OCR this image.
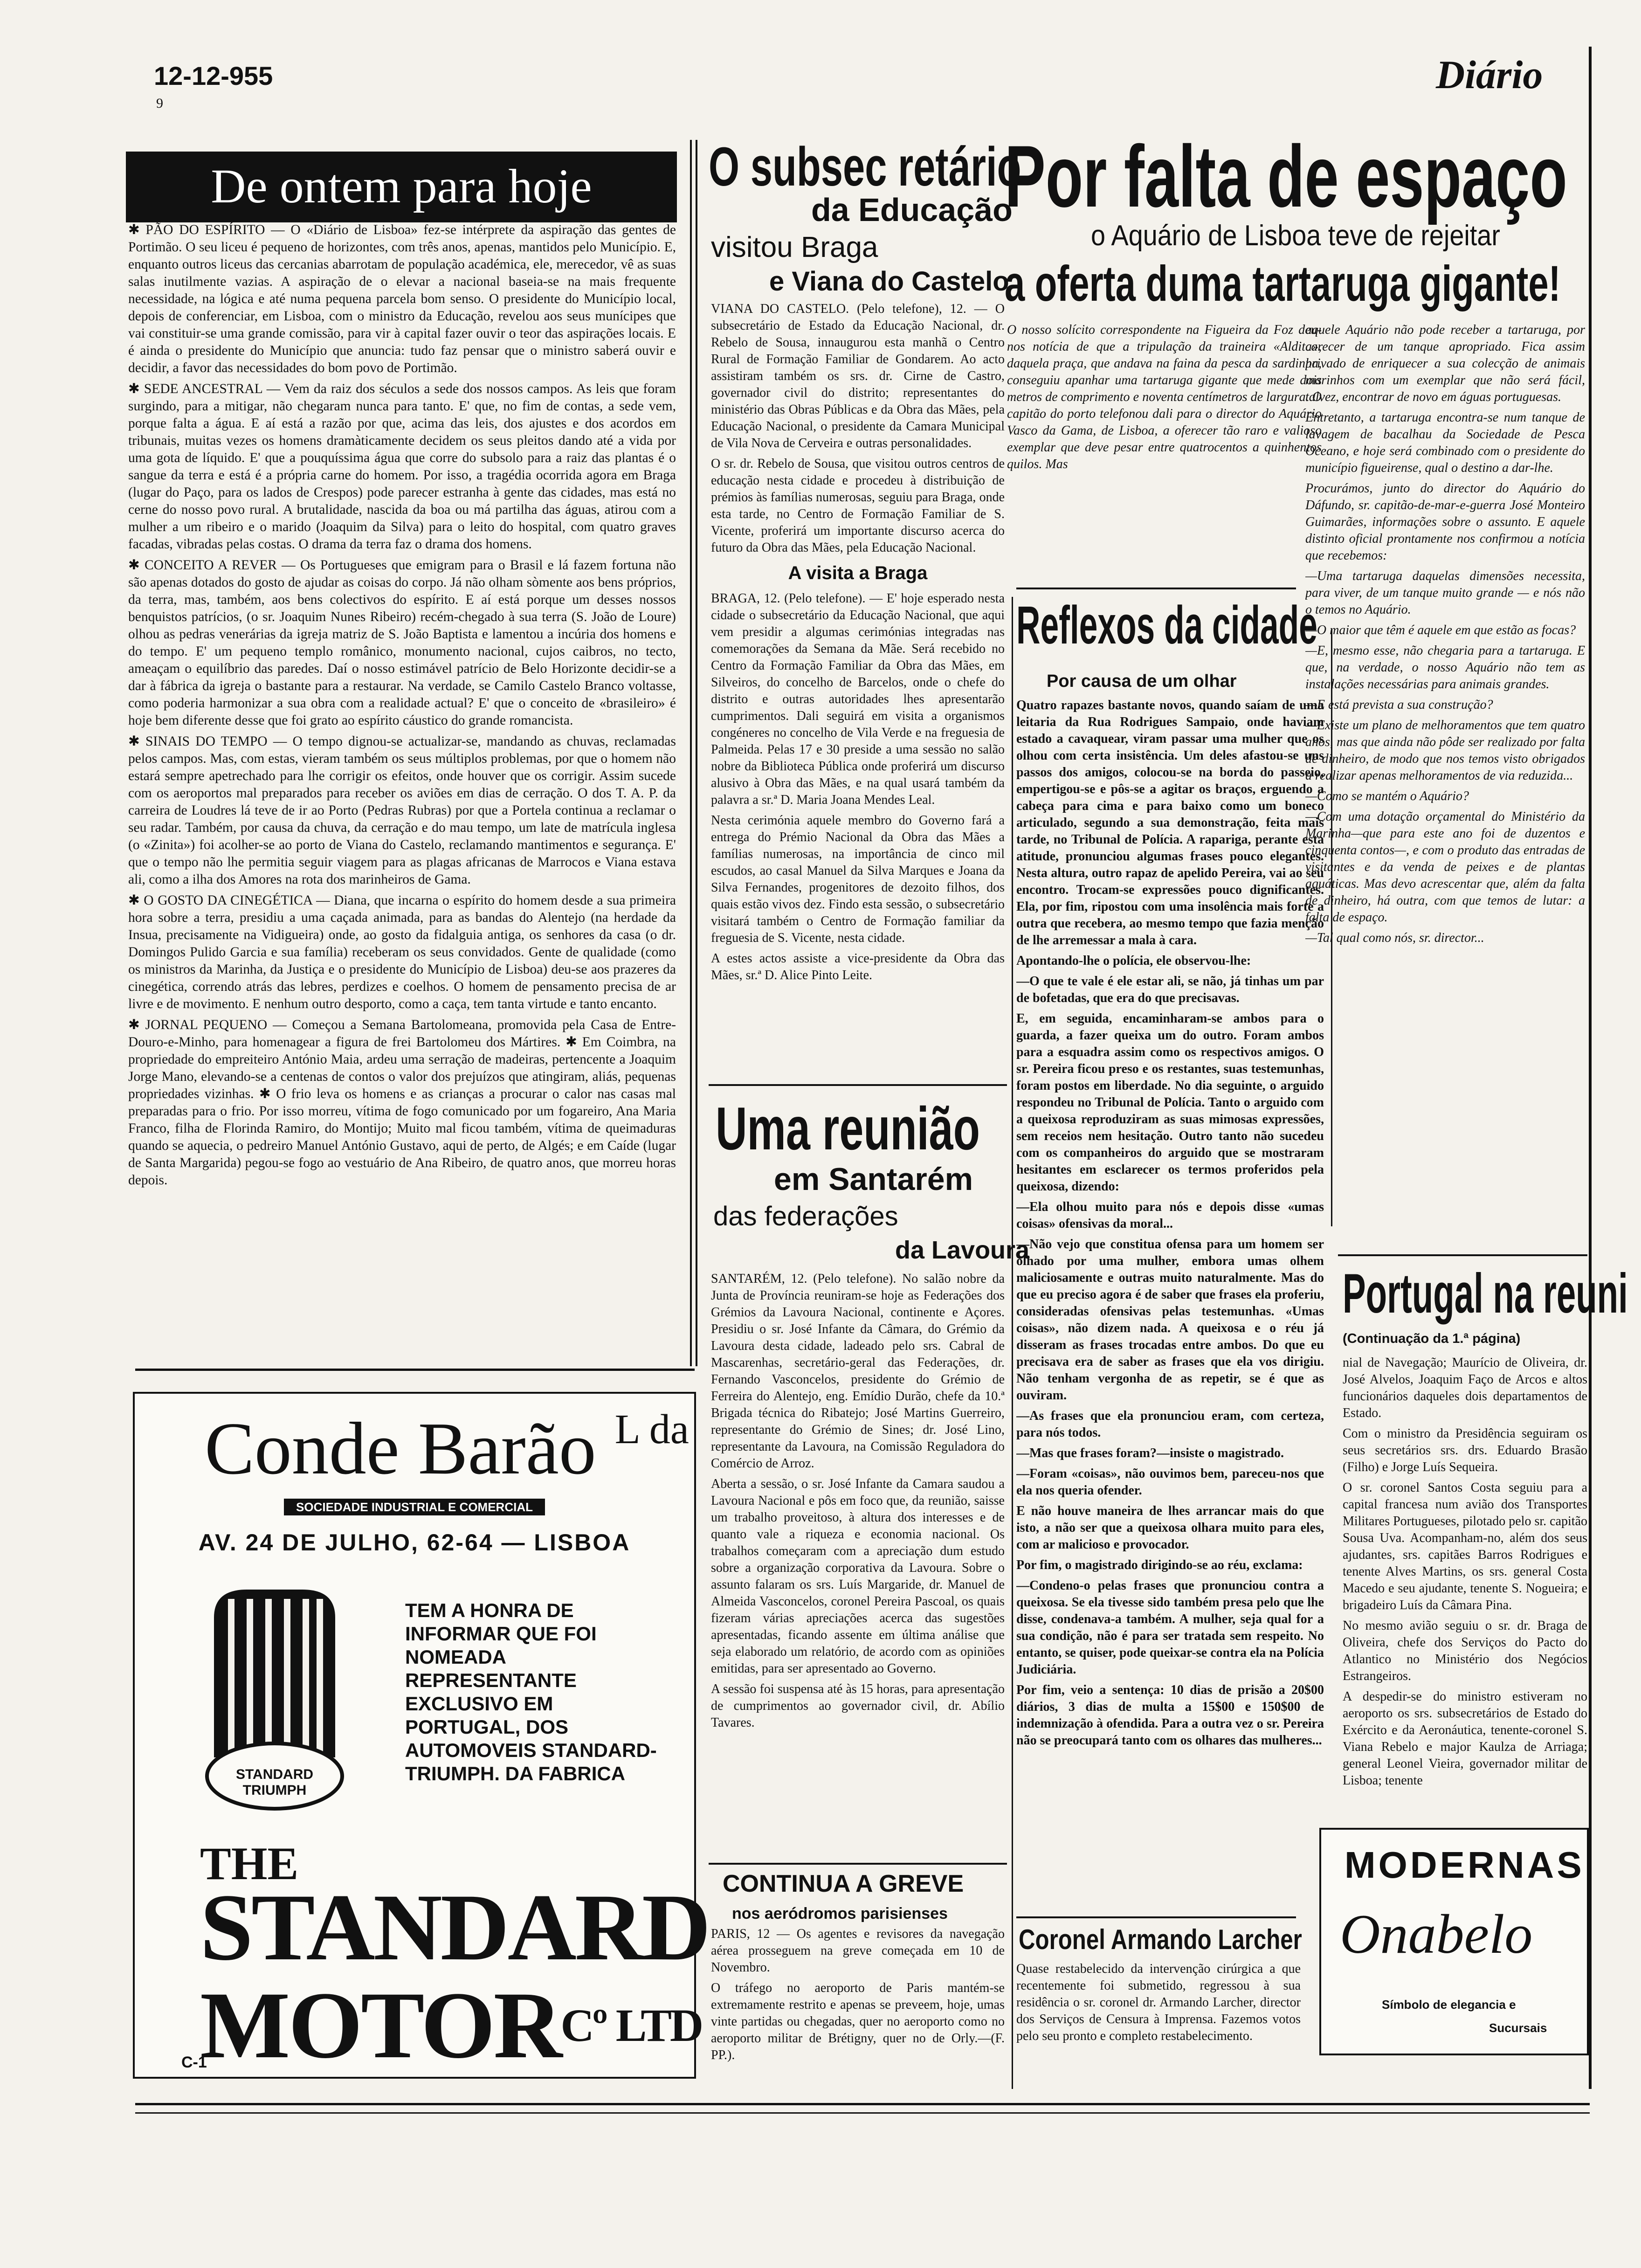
12-12-955
9
Diário
De ontem para hoje

✱ PÃO DO ESPÍRITO — O «Diário de Lisboa» fez-se intérprete da aspiração das gentes de Portimão. O seu liceu é pequeno de horizontes, com três anos, apenas, mantidos pelo Município. E, enquanto outros liceus das cercanias abarrotam de população académica, ele, merecedor, vê as suas salas inutilmente vazias. A aspiração de o elevar a nacional baseia-se na mais frequente necessidade, na lógica e até numa pequena parcela bom senso. O presidente do Município local, depois de conferenciar, em Lisboa, com o ministro da Educação, revelou aos seus munícipes que vai constituir-se uma grande comissão, para vir à capital fazer ouvir o teor das aspirações locais. E é ainda o presidente do Município que anuncia: tudo faz pensar que o ministro saberá ouvir e decidir, a favor das necessidades do bom povo de Portimão.

✱ SEDE ANCESTRAL — Vem da raiz dos séculos a sede dos nossos campos. As leis que foram surgindo, para a mitigar, não chegaram nunca para tanto. E' que, no fim de contas, a sede vem, porque falta a água. E aí está a razão por que, acima das leis, dos ajustes e dos acordos em tribunais, muitas vezes os homens dramàticamente decidem os seus pleitos dando até a vida por uma gota de líquido. E' que a pouquíssima água que corre do subsolo para a raiz das plantas é o sangue da terra e está é a própria carne do homem. Por isso, a tragédia ocorrida agora em Braga (lugar do Paço, para os lados de Crespos) pode parecer estranha à gente das cidades, mas está no cerne do nosso povo rural. A brutalidade, nascida da boa ou má partilha das águas, atirou com a mulher a um ribeiro e o marido (Joaquim da Silva) para o leito do hospital, com quatro graves facadas, vibradas pelas costas. O drama da terra faz o drama dos homens.

✱ CONCEITO A REVER — Os Portugueses que emigram para o Brasil e lá fazem fortuna não são apenas dotados do gosto de ajudar as coisas do corpo. Já não olham sòmente aos bens próprios, da terra, mas, também, aos bens colectivos do espírito. E aí está porque um desses nossos benquistos patrícios, (o sr. Joaquim Nunes Ribeiro) recém-chegado à sua terra (S. João de Loure) olhou as pedras venerárias da igreja matriz de S. João Baptista e lamentou a incúria dos homens e do tempo. E' um pequeno templo românico, monumento nacional, cujos caibros, no tecto, ameaçam o equilíbrio das paredes. Daí o nosso estimável patrício de Belo Horizonte decidir-se a dar à fábrica da igreja o bastante para a restaurar. Na verdade, se Camilo Castelo Branco voltasse, como poderia harmonizar a sua obra com a realidade actual? E' que o conceito de «brasileiro» é hoje bem diferente desse que foi grato ao espírito cáustico do grande romancista.

✱ SINAIS DO TEMPO — O tempo dignou-se actualizar-se, mandando as chuvas, reclamadas pelos campos. Mas, com estas, vieram também os seus múltiplos problemas, por que o homem não estará sempre apetrechado para lhe corrigir os efeitos, onde houver que os corrigir. Assim sucede com os aeroportos mal preparados para receber os aviões em dias de cerração. O dos T. A. P. da carreira de Loudres lá teve de ir ao Porto (Pedras Rubras) por que a Portela continua a reclamar o seu radar. Também, por causa da chuva, da cerração e do mau tempo, um late de matrícula inglesa (o «Zinita») foi acolher-se ao porto de Viana do Castelo, reclamando mantimentos e segurança. E' que o tempo não lhe permitia seguir viagem para as plagas africanas de Marrocos e Viana estava ali, como a ilha dos Amores na rota dos marinheiros de Gama.

✱ O GOSTO DA CINEGÉTICA — Diana, que incarna o espírito do homem desde a sua primeira hora sobre a terra, presidiu a uma caçada animada, para as bandas do Alentejo (na herdade da Insua, precisamente na Vidigueira) onde, ao gosto da fidalguia antiga, os senhores da casa (o dr. Domingos Pulido Garcia e sua família) receberam os seus convidados. Gente de qualidade (como os ministros da Marinha, da Justiça e o presidente do Município de Lisboa) deu-se aos prazeres da cinegética, correndo atrás das lebres, perdizes e coelhos. O homem de pensamento precisa de ar livre e de movimento. E nenhum outro desporto, como a caça, tem tanta virtude e tanto encanto.

✱ JORNAL PEQUENO — Começou a Semana Bartolomeana, promovida pela Casa de Entre-Douro-e-Minho, para homenagear a figura de frei Bartolomeu dos Mártires. ✱ Em Coimbra, na propriedade do empreiteiro António Maia, ardeu uma serração de madeiras, pertencente a Joaquim Jorge Mano, elevando-se a centenas de contos o valor dos prejuízos que atingiram, aliás, pequenas propriedades vizinhas. ✱ O frio leva os homens e as crianças a procurar o calor nas casas mal preparadas para o frio. Por isso morreu, vítima de fogo comunicado por um fogareiro, Ana Maria Franco, filha de Florinda Ramiro, do Montijo; Muito mal ficou também, vítima de queimaduras quando se aquecia, o pedreiro Manuel António Gustavo, aqui de perto, de Algés; e em Caíde (lugar de Santa Margarida) pegou-se fogo ao vestuário de Ana Ribeiro, de quatro anos, que morreu horas depois.

Conde Barão $^{L da}$
SOCIEDADE INDUSTRIAL E COMERCIAL
AV. 24 DE JULHO, 62-64 — LISBOA
STANDARD TRIUMPH
TEM A HONRA DE INFORMAR QUE FOI NOMEADA REPRESENTANTE EXCLUSIVO EM PORTUGAL, DOS AUTOMOVEIS STANDARD-TRIUMPH. DA FABRICA
THE
STANDARD
$MOTOR^{Cº LTD}$
C-1
O subsec retário
da Educação
visitou Braga
e Viana do Castelo

VIANA DO CASTELO. (Pelo telefone), 12. — O subsecretário de Estado da Educação Nacional, dr. Rebelo de Sousa, innaugurou esta manhã o Centro Rural de Formação Familiar de Gondarem. Ao acto assistiram também os srs. dr. Cirne de Castro, governador civil do distrito; representantes do ministério das Obras Públicas e da Obra das Mães, pela Educação Nacional, o presidente da Camara Municipal de Vila Nova de Cerveira e outras personalidades.

O sr. dr. Rebelo de Sousa, que visitou outros centros de educação nesta cidade e procedeu à distribuição de prémios às famílias numerosas, seguiu para Braga, onde esta tarde, no Centro de Formação Familiar de S. Vicente, proferirá um importante discurso acerca do futuro da Obra das Mães, pela Educação Nacional.

A visita a Braga

BRAGA, 12. (Pelo telefone). — E' hoje esperado nesta cidade o subsecretário da Educação Nacional, que aqui vem presidir a algumas cerimónias integradas nas comemorações da Semana da Mãe. Será recebido no Centro da Formação Familiar da Obra das Mães, em Silveiros, do concelho de Barcelos, onde o chefe do distrito e outras autoridades lhes apresentarão cumprimentos. Dali seguirá em visita a organismos congéneres no concelho de Vila Verde e na freguesia de Palmeida. Pelas 17 e 30 preside a uma sessão no salão nobre da Biblioteca Pública onde proferirá um discurso alusivo à Obra das Mães, e na qual usará também da palavra a sr.ª D. Maria Joana Mendes Leal.

Nesta cerimónia aquele membro do Governo fará a entrega do Prémio Nacional da Obra das Mães a famílias numerosas, na importância de cinco mil escudos, ao casal Manuel da Silva Marques e Joana da Silva Fernandes, progenitores de dezoito filhos, dos quais estão vivos dez. Findo esta sessão, o subsecretário visitará também o Centro de Formação familiar da freguesia de S. Vicente, nesta cidade.

A estes actos assiste a vice-presidente da Obra das Mães, sr.ª D. Alice Pinto Leite.

Uma reunião
em Santarém
das federações
da Lavoura

SANTARÉM, 12. (Pelo telefone). No salão nobre da Junta de Província reuniram-se hoje as Federações dos Grémios da Lavoura Nacional, continente e Açores. Presidiu o sr. José Infante da Câmara, do Grémio da Lavoura desta cidade, ladeado pelo srs. Cabral de Mascarenhas, secretário-geral das Federações, dr. Fernando Vasconcelos, presidente do Grémio de Ferreira do Alentejo, eng. Emídio Durão, chefe da 10.ª Brigada técnica do Ribatejo; José Martins Guerreiro, representante do Grémio de Sines; dr. José Lino, representante da Lavoura, na Comissão Reguladora do Comércio de Arroz.

Aberta a sessão, o sr. José Infante da Camara saudou a Lavoura Nacional e pôs em foco que, da reunião, saisse um trabalho proveitoso, à altura dos interesses e de quanto vale a riqueza e economia nacional. Os trabalhos começaram com a apreciação dum estudo sobre a organização corporativa da Lavoura. Sobre o assunto falaram os srs. Luís Margaride, dr. Manuel de Almeida Vasconcelos, coronel Pereira Pascoal, os quais fizeram várias apreciações acerca das sugestões apresentadas, ficando assente em última análise que seja elaborado um relatório, de acordo com as opiniões emitidas, para ser apresentado ao Governo.

A sessão foi suspensa até às 15 horas, para apresentação de cumprimentos ao governador civil, dr. Abílio Tavares.

CONTINUA A GREVE
nos aeródromos parisienses

PARIS, 12 — Os agentes e revisores da navegação aérea prosseguem na greve começada em 10 de Novembro.

O tráfego no aeroporto de Paris mantém-se extremamente restrito e apenas se preveem, hoje, umas vinte partidas ou chegadas, quer no aeroporto como no aeroporto militar de Brétigny, quer no de Orly.—(F. PP.).

Por falta de espaço
o Aquário de Lisboa teve de rejeitar
a oferta duma tartaruga gigante!

O nosso solícito correspondente na Figueira da Foz deu-nos notícia de que a tripulação da traineira «Aldita», daquela praça, que andava na faina da pesca da sardinha, conseguiu apanhar uma tartaruga gigante que mede dois metros de comprimento e noventa centímetros de largura. O capitão do porto telefonou dali para o director do Aquário Vasco da Gama, de Lisboa, a oferecer tão raro e valioso exemplar que deve pesar entre quatrocentos a quinhentos quilos. Mas

aquele Aquário não pode receber a tartaruga, por carecer de um tanque apropriado. Fica assim privado de enriquecer a sua colecção de animais marinhos com um exemplar que não será fácil, talvez, encontrar de novo em águas portuguesas.

Entretanto, a tartaruga encontra-se num tanque de lavagem de bacalhau da Sociedade de Pesca Oceano, e hoje será combinado com o presidente do município figueirense, qual o destino a dar-lhe.

Procurámos, junto do director do Aquário do Dáfundo, sr. capitão-de-mar-e-guerra José Monteiro Guimarães, informações sobre o assunto. E aquele distinto oficial prontamente nos confirmou a notícia que recebemos:

—Uma tartaruga daquelas dimensões necessita, para viver, de um tanque muito grande — e nós não o temos no Aquário.

—O maior que têm é aquele em que estão as focas?

—E, mesmo esse, não chegaria para a tartaruga. E que, na verdade, o nosso Aquário não tem as instalações necessárias para animais grandes.

—E está prevista a sua construção?

—Existe um plano de melhoramentos que tem quatro anos, mas que ainda não pôde ser realizado por falta de dinheiro, de modo que nos temos visto obrigados a realizar apenas melhoramentos de via reduzida...

—Como se mantém o Aquário?

—Com uma dotação orçamental do Ministério da Marinha—que para este ano foi de duzentos e cinquenta contos—, e com o produto das entradas de visitantes e da venda de peixes e de plantas aquáticas. Mas devo acrescentar que, além da falta de dinheiro, há outra, com que temos de lutar: a falta de espaço.

—Tal qual como nós, sr. director...

Reflexos da cidade
Por causa de um olhar

Quatro rapazes bastante novos, quando saíam de uma leitaria da Rua Rodrigues Sampaio, onde haviam estado a cavaquear, viram passar uma mulher que os olhou com certa insistência. Um deles afastou-se uns passos dos amigos, colocou-se na borda do passeio, empertigou-se e pôs-se a agitar os braços, erguendo a cabeça para cima e para baixo como um boneco articulado, segundo a sua demonstração, feita mais tarde, no Tribunal de Polícia. A rapariga, perante esta atitude, pronunciou algumas frases pouco elegantes. Nesta altura, outro rapaz de apelido Pereira, vai ao seu encontro. Trocam-se expressões pouco dignificantes. Ela, por fim, ripostou com uma insolência mais forte a outra que recebera, ao mesmo tempo que fazia menção de lhe arremessar a mala à cara.

Apontando-lhe o polícia, ele observou-lhe:

—O que te vale é ele estar ali, se não, já tinhas um par de bofetadas, que era do que precisavas.

E, em seguida, encaminharam-se ambos para o guarda, a fazer queixa um do outro. Foram ambos para a esquadra assim como os respectivos amigos. O sr. Pereira ficou preso e os restantes, suas testemunhas, foram postos em liberdade. No dia seguinte, o arguido respondeu no Tribunal de Polícia. Tanto o arguido com a queixosa reproduziram as suas mimosas expressões, sem receios nem hesitação. Outro tanto não sucedeu com os companheiros do arguido que se mostraram hesitantes em esclarecer os termos proferidos pela queixosa, dizendo:

—Ela olhou muito para nós e depois disse «umas coisas» ofensivas da moral...

—Não vejo que constitua ofensa para um homem ser olhado por uma mulher, embora umas olhem maliciosamente e outras muito naturalmente. Mas do que eu preciso agora é de saber que frases ela proferiu, consideradas ofensivas pelas testemunhas. «Umas coisas», não dizem nada. A queixosa e o réu já disseram as frases trocadas entre ambos. Do que eu precisava era de saber as frases que ela vos dirigiu. Não tenham vergonha de as repetir, se é que as ouviram.

—As frases que ela pronunciou eram, com certeza, para nós todos.

—Mas que frases foram?—insiste o magistrado.

—Foram «coisas», não ouvimos bem, pareceu-nos que ela nos queria ofender.

E não houve maneira de lhes arrancar mais do que isto, a não ser que a queixosa olhara muito para eles, com ar malicioso e provocador.

Por fim, o magistrado dirigindo-se ao réu, exclama:

—Condeno-o pelas frases que pronunciou contra a queixosa. Se ela tivesse sido também presa pelo que lhe disse, condenava-a também. A mulher, seja qual for a sua condição, não é para ser tratada sem respeito. No entanto, se quiser, pode queixar-se contra ela na Polícia Judiciária.

Por fim, veio a sentença: 10 dias de prisão a 20$00 diários, 3 dias de multa a 15$00 e 150$00 de indemnização à ofendida. Para a outra vez o sr. Pereira não se preocupará tanto com os olhares das mulheres...

Coronel Armando Larcher

Quase restabelecido da intervenção cirúrgica a que recentemente foi submetido, regressou à sua residência o sr. coronel dr. Armando Larcher, director dos Serviços de Censura à Imprensa. Fazemos votos pelo seu pronto e completo restabelecimento.

Portugal na reuni
(Continuação da 1.ª página)

nial de Navegação; Maurício de Oliveira, dr. José Alvelos, Joaquim Faço de Arcos e altos funcionários daqueles dois departamentos de Estado.

Com o ministro da Presidência seguiram os seus secretários srs. drs. Eduardo Brasão (Filho) e Jorge Luís Sequeira.

O sr. coronel Santos Costa seguiu para a capital francesa num avião dos Transportes Militares Portugueses, pilotado pelo sr. capitão Sousa Uva. Acompanham-no, além dos seus ajudantes, srs. capitães Barros Rodrigues e tenente Alves Martins, os srs. general Costa Macedo e seu ajudante, tenente S. Nogueira; e brigadeiro Luís da Câmara Pina.

No mesmo avião seguiu o sr. dr. Braga de Oliveira, chefe dos Serviços do Pacto do Atlantico no Ministério dos Negócios Estrangeiros.

A despedir-se do ministro estiveram no aeroporto os srs. subsecretários de Estado do Exército e da Aeronáutica, tenente-coronel S. Viana Rebelo e major Kaulza de Arriaga; general Leonel Vieira, governador militar de Lisboa; tenente

MODERNAS
Onabelo
Símbolo de elegancia e
Sucursais
